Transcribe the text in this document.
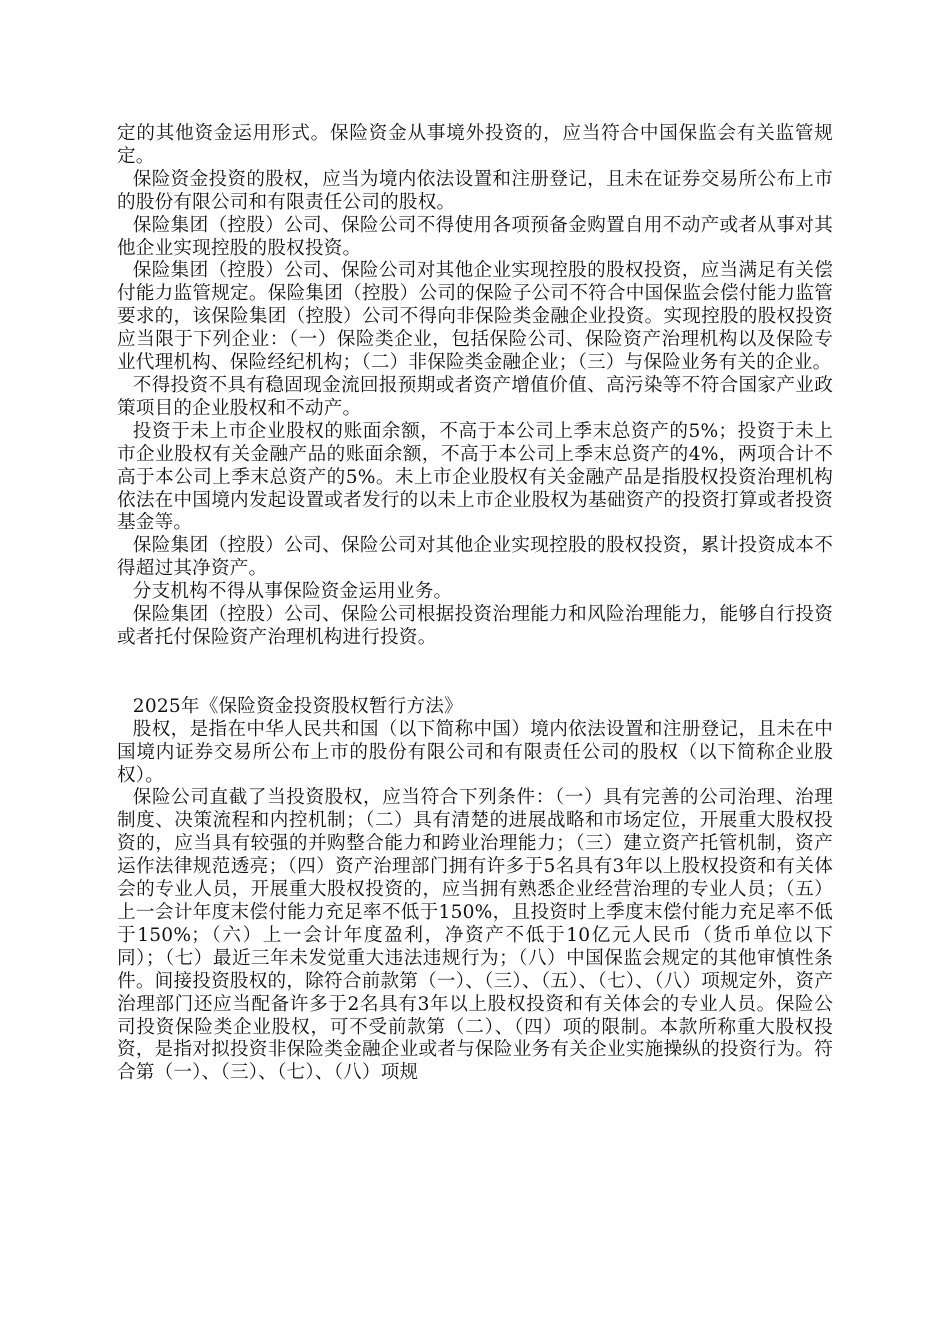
定的其他资金运用形式。保险资金从事境外投资的，应当符合中国保监会有关监管规定。

保险资金投资的股权，应当为境内依法设置和注册登记，且未在证券交易所公布上市的股份有限公司和有限责任公司的股权。

保险集团（控股）公司、保险公司不得使用各项预备金购置自用不动产或者从事对其他企业实现控股的股权投资。

保险集团（控股）公司、保险公司对其他企业实现控股的股权投资，应当满足有关偿付能力监管规定。保险集团（控股）公司的保险子公司不符合中国保监会偿付能力监管要求的，该保险集团（控股）公司不得向非保险类金融企业投资。实现控股的股权投资应当限于下列企业：（一）保险类企业，包括保险公司、保险资产治理机构以及保险专业代理机构、保险经纪机构；（二）非保险类金融企业；（三）与保险业务有关的企业。

不得投资不具有稳固现金流回报预期或者资产增值价值、高污染等不符合国家产业政策项目的企业股权和不动产。

投资于未上市企业股权的账面余额，不高于本公司上季末总资产的5%；投资于未上市企业股权有关金融产品的账面余额，不高于本公司上季末总资产的4%，两项合计不高于本公司上季末总资产的5%。未上市企业股权有关金融产品是指股权投资治理机构依法在中国境内发起设置或者发行的以未上市企业股权为基础资产的投资打算或者投资基金等。

保险集团（控股）公司、保险公司对其他企业实现控股的股权投资，累计投资成本不得超过其净资产。

分支机构不得从事保险资金运用业务。

保险集团（控股）公司、保险公司根据投资治理能力和风险治理能力，能够自行投资或者托付保险资产治理机构进行投资。

2025年《保险资金投资股权暂行方法》

股权，是指在中华人民共和国（以下简称中国）境内依法设置和注册登记，且未在中国境内证券交易所公布上市的股份有限公司和有限责任公司的股权（以下简称企业股权）。

保险公司直截了当投资股权，应当符合下列条件：（一）具有完善的公司治理、治理制度、决策流程和内控机制；（二）具有清楚的进展战略和市场定位，开展重大股权投资的，应当具有较强的并购整合能力和跨业治理能力；（三）建立资产托管机制，资产运作法律规范透亮；（四）资产治理部门拥有许多于5名具有3年以上股权投资和有关体会的专业人员，开展重大股权投资的，应当拥有熟悉企业经营治理的专业人员；（五）上一会计年度末偿付能力充足率不低于150%，且投资时上季度末偿付能力充足率不低于150%；（六）上一会计年度盈利，净资产不低于10亿元人民币（货币单位以下同）；（七）最近三年未发觉重大违法违规行为；（八）中国保监会规定的其他审慎性条件。间接投资股权的，除符合前款第（一）、（三）、（五）、（七）、（八）项规定外，资产治理部门还应当配备许多于2名具有3年以上股权投资和有关体会的专业人员。保险公司投资保险类企业股权，可不受前款第（二）、（四）项的限制。本款所称重大股权投资，是指对拟投资非保险类金融企业或者与保险业务有关企业实施操纵的投资行为。符合第（一）、（三）、（七）、（八）项规
